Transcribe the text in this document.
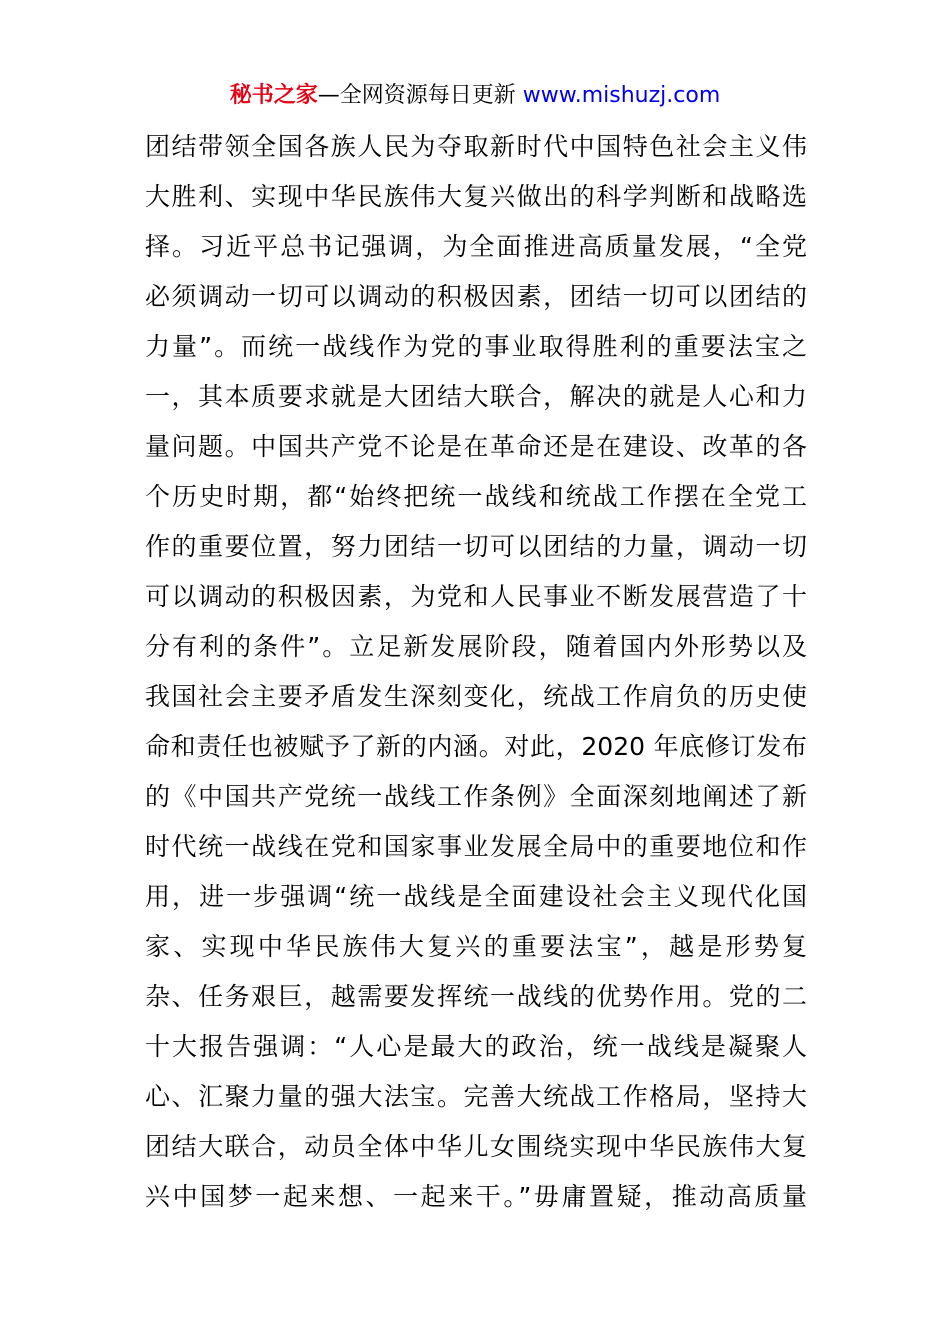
秘书之家—全网资源每日更新 www.mishuzj.com
团结带领全国各族人民为夺取新时代中国特色社会主义伟
大胜利、实现中华民族伟大复兴做出的科学判断和战略选
择。习近平总书记强调，为全面推进高质量发展，“全党
必须调动一切可以调动的积极因素，团结一切可以团结的
力量”。而统一战线作为党的事业取得胜利的重要法宝之
一，其本质要求就是大团结大联合，解决的就是人心和力
量问题。中国共产党不论是在革命还是在建设、改革的各
个历史时期，都“始终把统一战线和统战工作摆在全党工
作的重要位置，努力团结一切可以团结的力量，调动一切
可以调动的积极因素，为党和人民事业不断发展营造了十
分有利的条件”。立足新发展阶段，随着国内外形势以及
我国社会主要矛盾发生深刻变化，统战工作肩负的历史使
命和责任也被赋予了新的内涵。对此，2020 年底修订发布
的《中国共产党统一战线工作条例》全面深刻地阐述了新
时代统一战线在党和国家事业发展全局中的重要地位和作
用，进一步强调“统一战线是全面建设社会主义现代化国
家、实现中华民族伟大复兴的重要法宝”，越是形势复
杂、任务艰巨，越需要发挥统一战线的优势作用。党的二
十大报告强调：“人心是最大的政治，统一战线是凝聚人
心、汇聚力量的强大法宝。完善大统战工作格局，坚持大
团结大联合，动员全体中华儿女围绕实现中华民族伟大复
兴中国梦一起来想、一起来干。”毋庸置疑，推动高质量
